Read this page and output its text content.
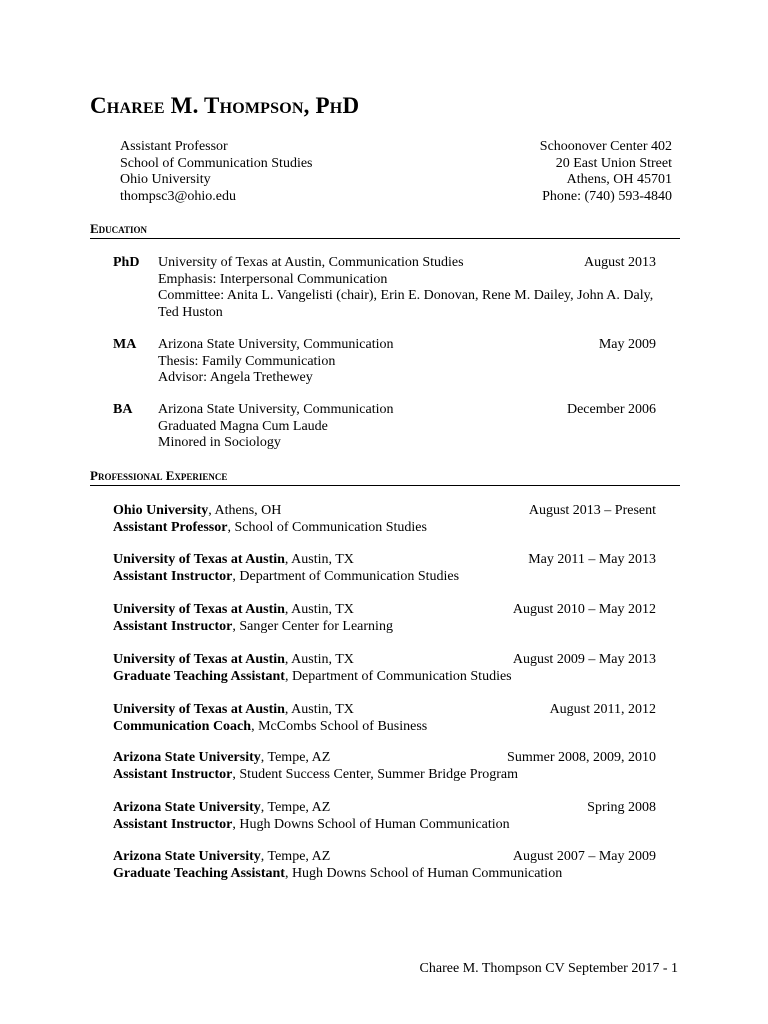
Charee M. Thompson, PhD
Assistant Professor
School of Communication Studies
Ohio University
thompsc3@ohio.edu
Schoonover Center 402
20 East Union Street
Athens, OH 45701
Phone: (740) 593-4840
Education
PhD University of Texas at Austin, Communication Studies	August 2013
Emphasis: Interpersonal Communication
Committee: Anita L. Vangelisti (chair), Erin E. Donovan, Rene M. Dailey, John A. Daly, Ted Huston
MA Arizona State University, Communication	May 2009
Thesis: Family Communication
Advisor: Angela Trethewey
BA Arizona State University, Communication	December 2006
Graduated Magna Cum Laude
Minored in Sociology
Professional Experience
Ohio University, Athens, OH	August 2013 – Present
Assistant Professor, School of Communication Studies
University of Texas at Austin, Austin, TX	May 2011 – May 2013
Assistant Instructor, Department of Communication Studies
University of Texas at Austin, Austin, TX	August 2010 – May 2012
Assistant Instructor, Sanger Center for Learning
University of Texas at Austin, Austin, TX	August 2009 – May 2013
Graduate Teaching Assistant, Department of Communication Studies
University of Texas at Austin, Austin, TX	August 2011, 2012
Communication Coach, McCombs School of Business
Arizona State University, Tempe, AZ	Summer 2008, 2009, 2010
Assistant Instructor, Student Success Center, Summer Bridge Program
Arizona State University, Tempe, AZ	Spring 2008
Assistant Instructor, Hugh Downs School of Human Communication
Arizona State University, Tempe, AZ	August 2007 – May 2009
Graduate Teaching Assistant, Hugh Downs School of Human Communication
Charee M. Thompson CV September 2017 - 1
